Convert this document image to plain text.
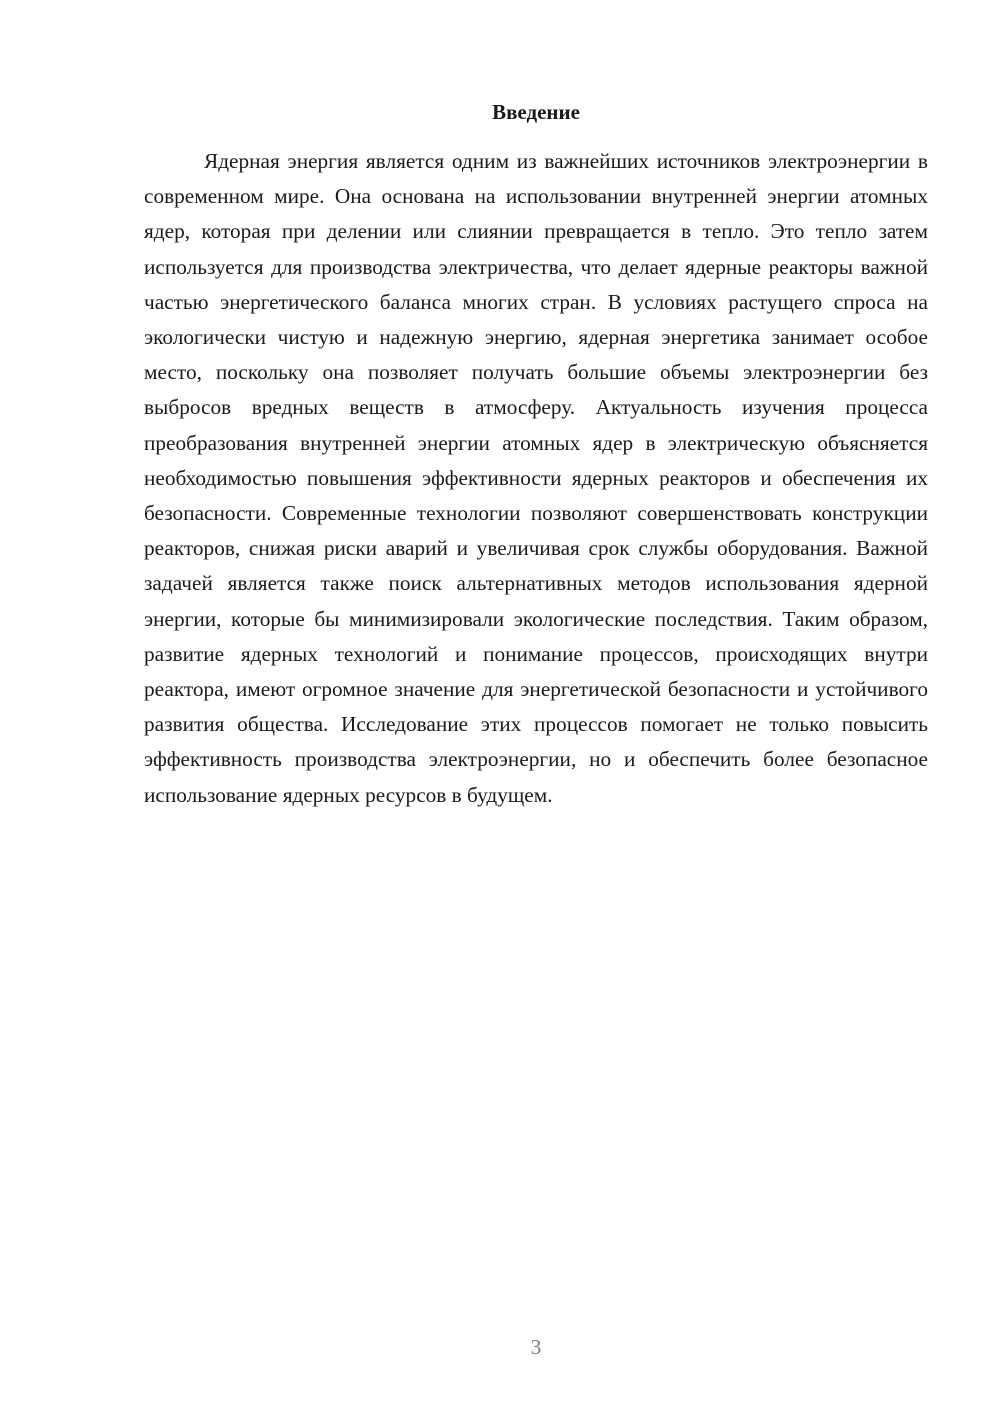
Введение

Ядерная энергия является одним из важнейших источников электроэнергии в современном мире. Она основана на использовании внутренней энергии атомных ядер, которая при делении или слиянии превращается в тепло. Это тепло затем используется для производства электричества, что делает ядерные реакторы важной частью энергетического баланса многих стран. В условиях растущего спроса на экологически чистую и надежную энергию, ядерная энергетика занимает особое место, поскольку она позволяет получать большие объемы электроэнергии без выбросов вредных веществ в атмосферу. Актуальность изучения процесса преобразования внутренней энергии атомных ядер в электрическую объясняется необходимостью повышения эффективности ядерных реакторов и обеспечения их безопасности. Современные технологии позволяют совершенствовать конструкции реакторов, снижая риски аварий и увеличивая срок службы оборудования. Важной задачей является также поиск альтернативных методов использования ядерной энергии, которые бы минимизировали экологические последствия. Таким образом, развитие ядерных технологий и понимание процессов, происходящих внутри реактора, имеют огромное значение для энергетической безопасности и устойчивого развития общества. Исследование этих процессов помогает не только повысить эффективность производства электроэнергии, но и обеспечить более безопасное использование ядерных ресурсов в будущем.

3
